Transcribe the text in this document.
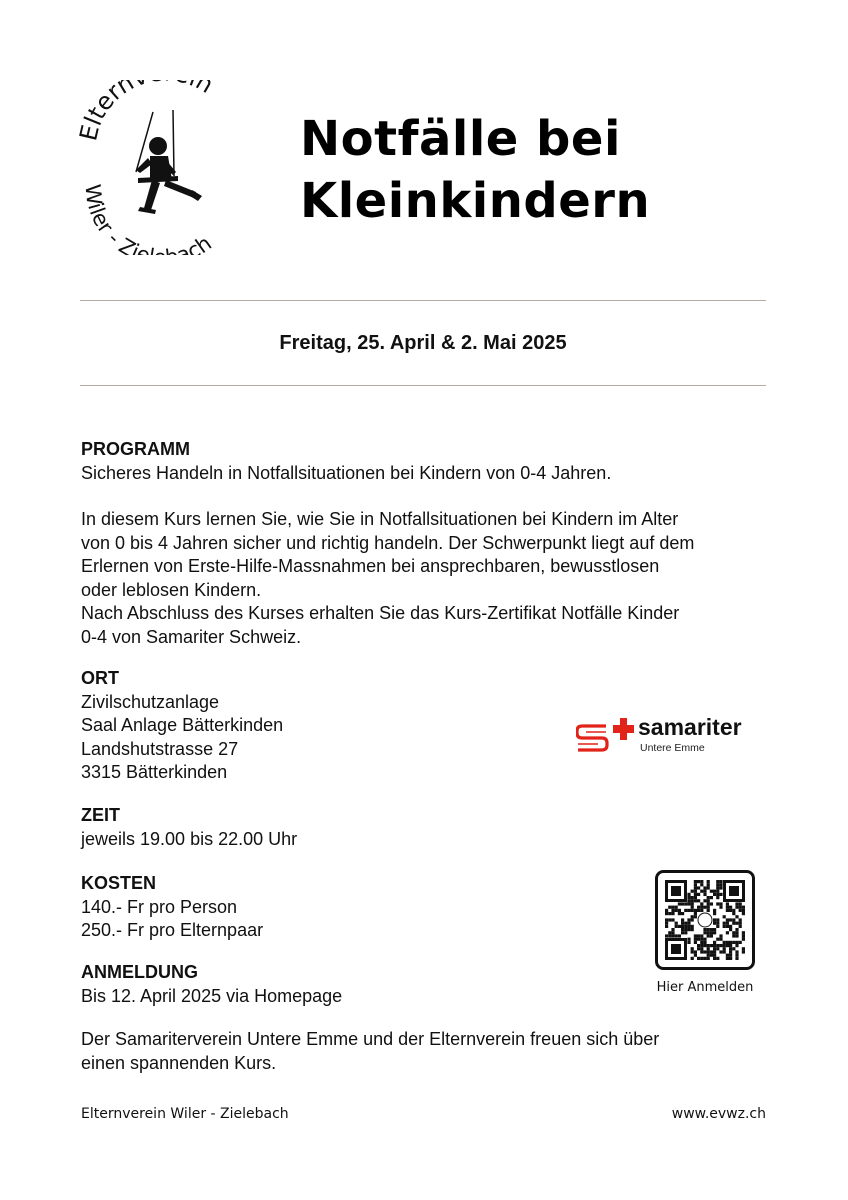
ltern n
Wiler - Zie ach
Notfälle bei
Kleinkindern
Freitag, 25. April & 2. Mai 2025
PROGRAMM
Sicheres Handeln in Notfallsituationen bei Kindern von 0-4 Jahren.
In diesem Kurs lernen Sie, wie Sie in Notfallsituationen bei Kindern im Alter
von 0 bis 4 Jahren sicher und richtig handeln. Der Schwerpunkt liegt auf dem
Erlernen von Erste-Hilfe-Massnahmen bei ansprechbaren, bewusstlosen
oder leblosen Kindern.
Nach Abschluss des Kurses erhalten Sie das Kurs-Zertifikat Notfälle Kinder
0-4 von Samariter Schweiz.
ORT
Zivilschutzanlage
Saal Anlage Bätterkinden
Landshutstrasse 27
3315 Bätterkinden
ZEIT
jeweils 19.00 bis 22.00 Uhr
KOSTEN
140.- Fr pro Person
250.- Fr pro Elternpaar
ANMELDUNG
Bis 12. April 2025 via Homepage
Der Samariterverein Untere Emme und der Elternverein freuen sich über
einen spannenden Kurs.
samariter
Untere Emme
Hier Anmelden
Elternverein Wiler - Zielebach	www.evwz.ch
